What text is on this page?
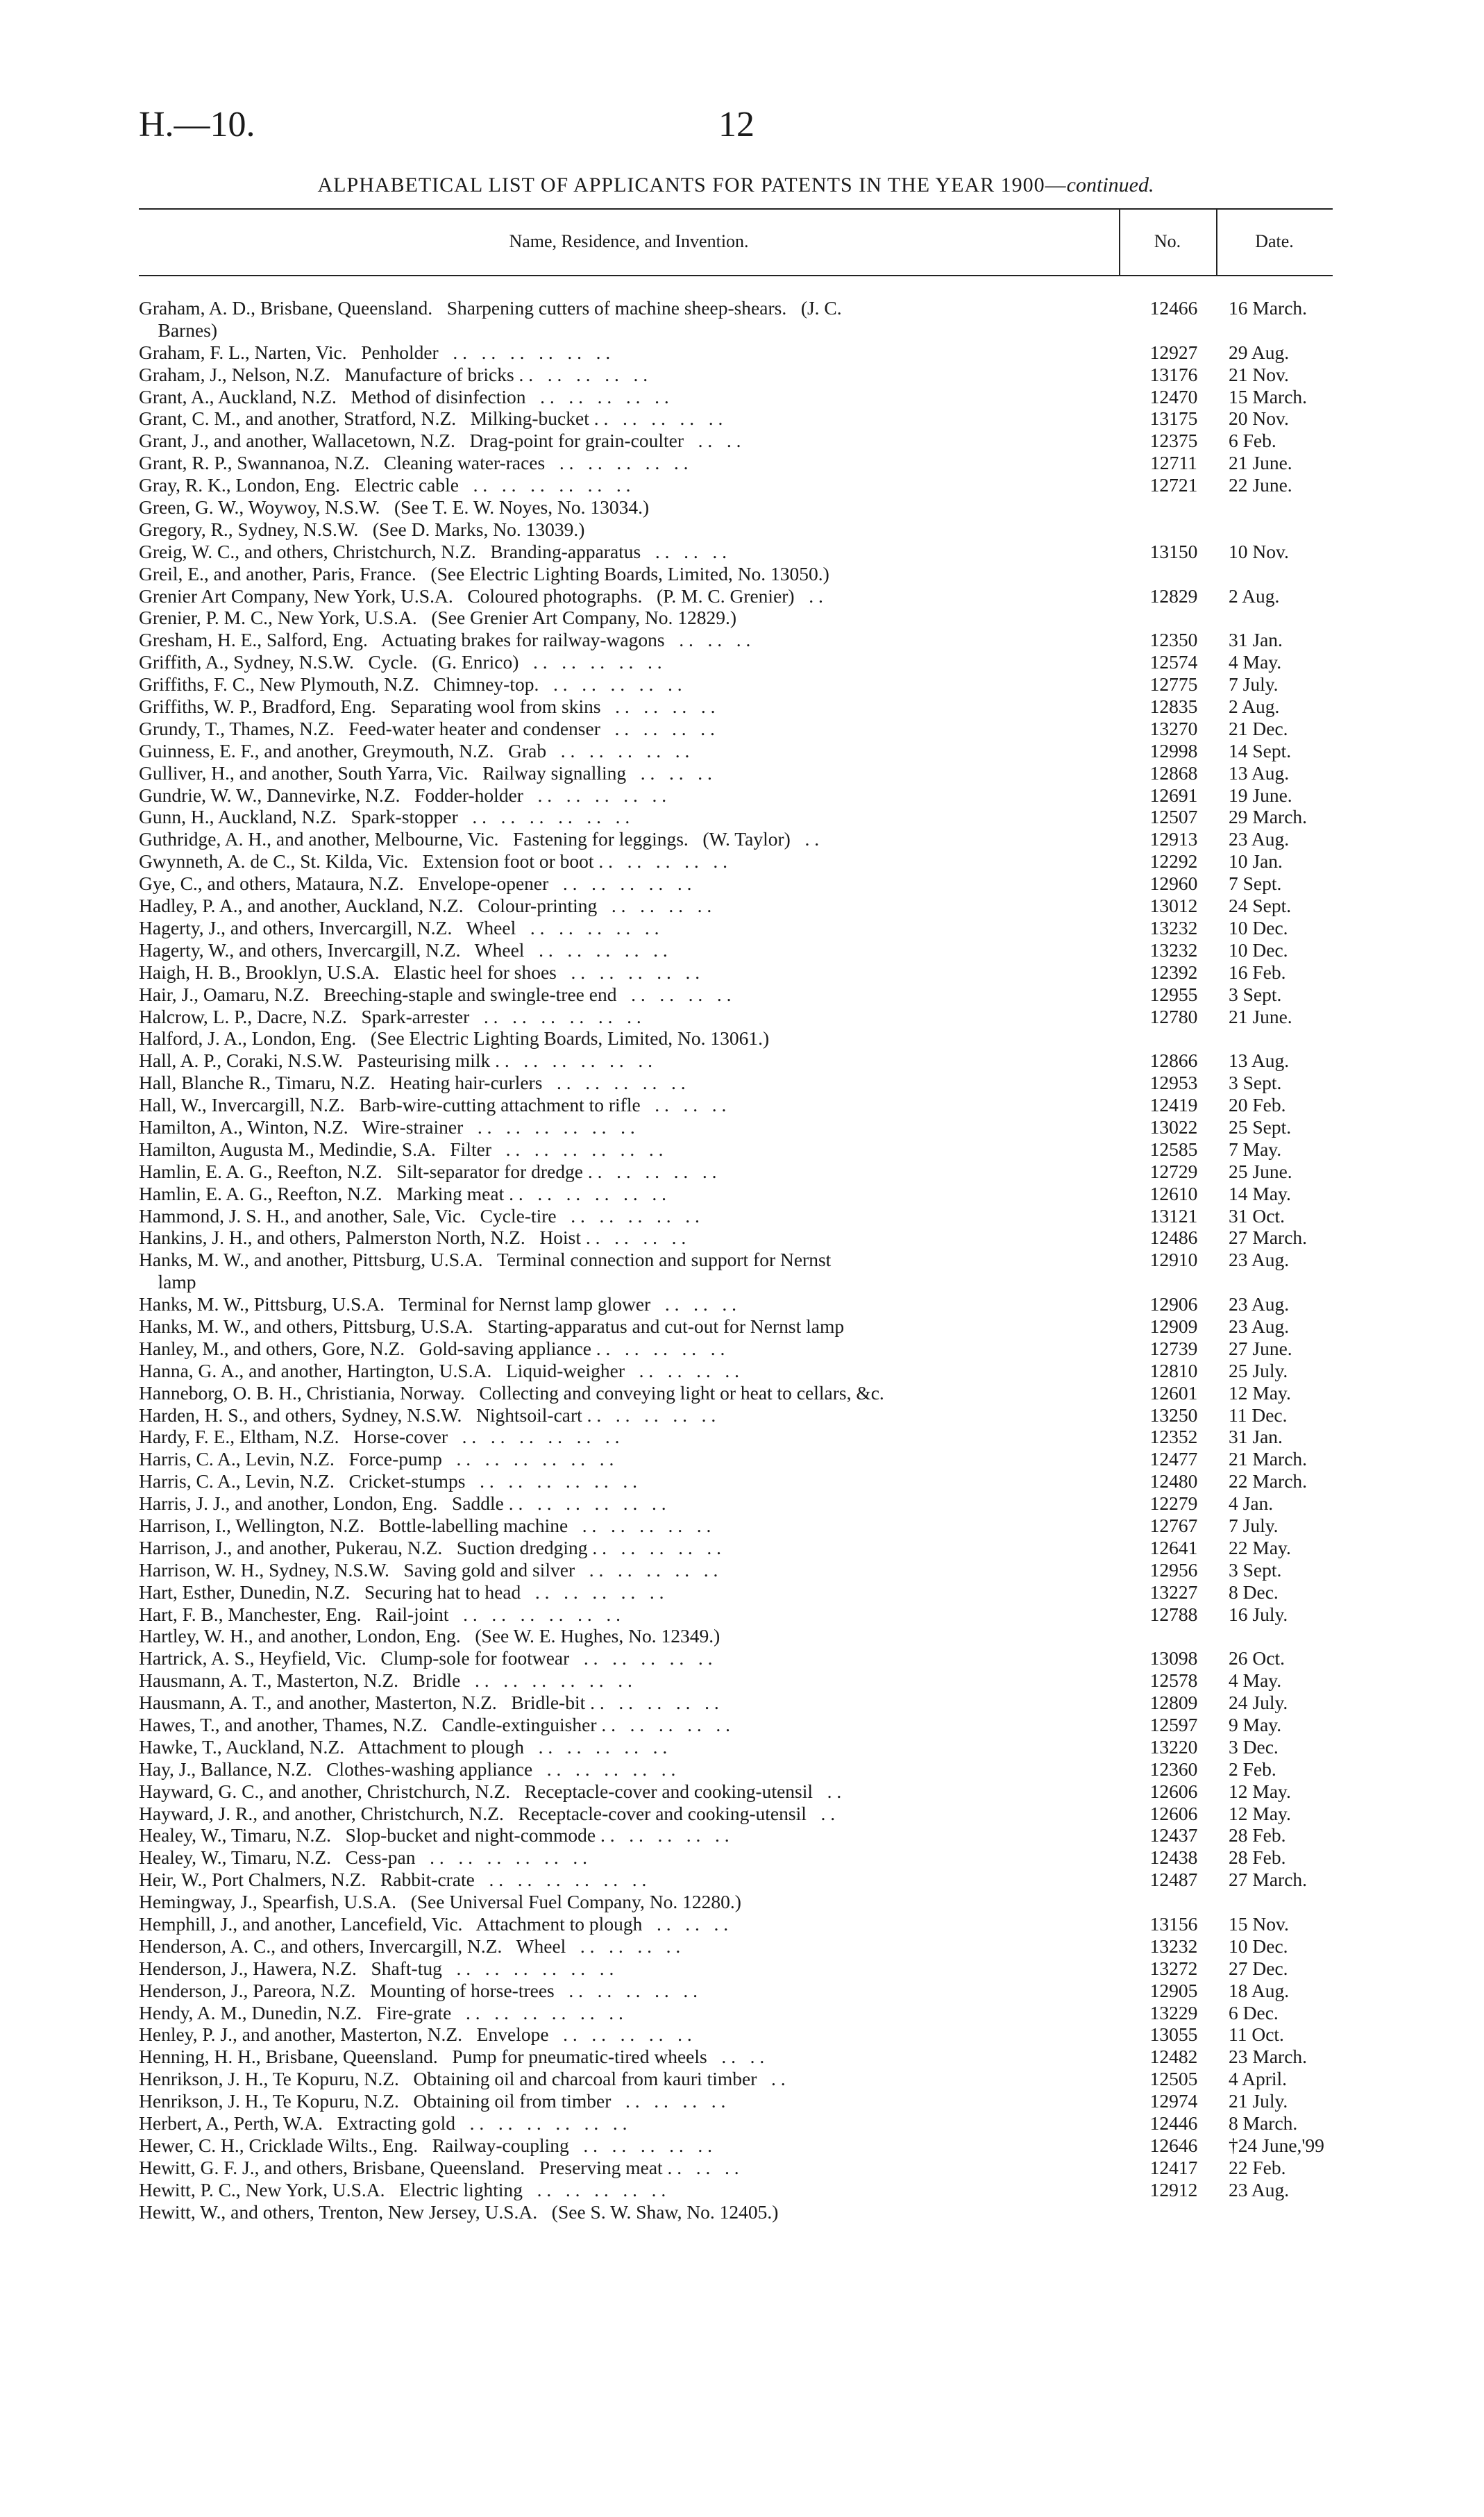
H.—10.	12
ALPHABETICAL LIST OF APPLICANTS FOR PATENTS IN THE YEAR 1900—continued.
Name, Residence, and Invention.	No.	Date.
Graham, A. D., Brisbane, Queensland.   Sharpening cutters of machine sheep-shears.   (J. C.	12466	16 March.
Barnes)
Graham, F. L., Narten, Vic.   Penholder   . .   . .   . .   . .   . .   . .	12927	29 Aug.
Graham, J., Nelson, N.Z.   Manufacture of bricks . .   . .   . .   . .   . .	13176	21 Nov.
Grant, A., Auckland, N.Z.   Method of disinfection   . .   . .   . .   . .   . .	12470	15 March.
Grant, C. M., and another, Stratford, N.Z.   Milking-bucket . .   . .   . .   . .   . .	13175	20 Nov.
Grant, J., and another, Wallacetown, N.Z.   Drag-point for grain-coulter   . .   . .	12375	6 Feb.
Grant, R. P., Swannanoa, N.Z.   Cleaning water-races   . .   . .   . .   . .   . .	12711	21 June.
Gray, R. K., London, Eng.   Electric cable   . .   . .   . .   . .   . .   . .	12721	22 June.
Green, G. W., Woywoy, N.S.W.   (See T. E. W. Noyes, No. 13034.)
Gregory, R., Sydney, N.S.W.   (See D. Marks, No. 13039.)
Greig, W. C., and others, Christchurch, N.Z.   Branding-apparatus   . .   . .   . .	13150	10 Nov.
Greil, E., and another, Paris, France.   (See Electric Lighting Boards, Limited, No. 13050.)
Grenier Art Company, New York, U.S.A.   Coloured photographs.   (P. M. C. Grenier)   . .	12829	2 Aug.
Grenier, P. M. C., New York, U.S.A.   (See Grenier Art Company, No. 12829.)
Gresham, H. E., Salford, Eng.   Actuating brakes for railway-wagons   . .   . .   . .	12350	31 Jan.
Griffith, A., Sydney, N.S.W.   Cycle.   (G. Enrico)   . .   . .   . .   . .   . .	12574	4 May.
Griffiths, F. C., New Plymouth, N.Z.   Chimney-top.   . .   . .   . .   . .   . .	12775	7 July.
Griffiths, W. P., Bradford, Eng.   Separating wool from skins   . .   . .   . .   . .	12835	2 Aug.
Grundy, T., Thames, N.Z.   Feed-water heater and condenser   . .   . .   . .   . .	13270	21 Dec.
Guinness, E. F., and another, Greymouth, N.Z.   Grab   . .   . .   . .   . .   . .	12998	14 Sept.
Gulliver, H., and another, South Yarra, Vic.   Railway signalling   . .   . .   . .	12868	13 Aug.
Gundrie, W. W., Dannevirke, N.Z.   Fodder-holder   . .   . .   . .   . .   . .	12691	19 June.
Gunn, H., Auckland, N.Z.   Spark-stopper   . .   . .   . .   . .   . .   . .	12507	29 March.
Guthridge, A. H., and another, Melbourne, Vic.   Fastening for leggings.   (W. Taylor)   . .	12913	23 Aug.
Gwynneth, A. de C., St. Kilda, Vic.   Extension foot or boot . .   . .   . .   . .   . .	12292	10 Jan.
Gye, C., and others, Mataura, N.Z.   Envelope-opener   . .   . .   . .   . .   . .	12960	7 Sept.
Hadley, P. A., and another, Auckland, N.Z.   Colour-printing   . .   . .   . .   . .	13012	24 Sept.
Hagerty, J., and others, Invercargill, N.Z.   Wheel   . .   . .   . .   . .   . .	13232	10 Dec.
Hagerty, W., and others, Invercargill, N.Z.   Wheel   . .   . .   . .   . .   . .	13232	10 Dec.
Haigh, H. B., Brooklyn, U.S.A.   Elastic heel for shoes   . .   . .   . .   . .   . .	12392	16 Feb.
Hair, J., Oamaru, N.Z.   Breeching-staple and swingle-tree end   . .   . .   . .   . .	12955	3 Sept.
Halcrow, L. P., Dacre, N.Z.   Spark-arrester   . .   . .   . .   . .   . .   . .	12780	21 June.
Halford, J. A., London, Eng.   (See Electric Lighting Boards, Limited, No. 13061.)
Hall, A. P., Coraki, N.S.W.   Pasteurising milk . .   . .   . .   . .   . .   . .	12866	13 Aug.
Hall, Blanche R., Timaru, N.Z.   Heating hair-curlers   . .   . .   . .   . .   . .	12953	3 Sept.
Hall, W., Invercargill, N.Z.   Barb-wire-cutting attachment to rifle   . .   . .   . .	12419	20 Feb.
Hamilton, A., Winton, N.Z.   Wire-strainer   . .   . .   . .   . .   . .   . .	13022	25 Sept.
Hamilton, Augusta M., Medindie, S.A.   Filter   . .   . .   . .   . .   . .   . .	12585	7 May.
Hamlin, E. A. G., Reefton, N.Z.   Silt-separator for dredge . .   . .   . .   . .   . .	12729	25 June.
Hamlin, E. A. G., Reefton, N.Z.   Marking meat . .   . .   . .   . .   . .   . .	12610	14 May.
Hammond, J. S. H., and another, Sale, Vic.   Cycle-tire   . .   . .   . .   . .   . .	13121	31 Oct.
Hankins, J. H., and others, Palmerston North, N.Z.   Hoist . .   . .   . .   . .	12486	27 March.
Hanks, M. W., and another, Pittsburg, U.S.A.   Terminal connection and support for Nernst	12910	23 Aug.
lamp
Hanks, M. W., Pittsburg, U.S.A.   Terminal for Nernst lamp glower   . .   . .   . .	12906	23 Aug.
Hanks, M. W., and others, Pittsburg, U.S.A.   Starting-apparatus and cut-out for Nernst lamp	12909	23 Aug.
Hanley, M., and others, Gore, N.Z.   Gold-saving appliance . .   . .   . .   . .   . .	12739	27 June.
Hanna, G. A., and another, Hartington, U.S.A.   Liquid-weigher   . .   . .   . .   . .	12810	25 July.
Hanneborg, O. B. H., Christiania, Norway.   Collecting and conveying light or heat to cellars, &c.	12601	12 May.
Harden, H. S., and others, Sydney, N.S.W.   Nightsoil-cart . .   . .   . .   . .   . .	13250	11 Dec.
Hardy, F. E., Eltham, N.Z.   Horse-cover   . .   . .   . .   . .   . .   . .	12352	31 Jan.
Harris, C. A., Levin, N.Z.   Force-pump   . .   . .   . .   . .   . .   . .	12477	21 March.
Harris, C. A., Levin, N.Z.   Cricket-stumps   . .   . .   . .   . .   . .   . .	12480	22 March.
Harris, J. J., and another, London, Eng.   Saddle . .   . .   . .   . .   . .   . .	12279	4 Jan.
Harrison, I., Wellington, N.Z.   Bottle-labelling machine   . .   . .   . .   . .   . .	12767	7 July.
Harrison, J., and another, Pukerau, N.Z.   Suction dredging . .   . .   . .   . .   . .	12641	22 May.
Harrison, W. H., Sydney, N.S.W.   Saving gold and silver   . .   . .   . .   . .   . .	12956	3 Sept.
Hart, Esther, Dunedin, N.Z.   Securing hat to head   . .   . .   . .   . .   . .	13227	8 Dec.
Hart, F. B., Manchester, Eng.   Rail-joint   . .   . .   . .   . .   . .   . .	12788	16 July.
Hartley, W. H., and another, London, Eng.   (See W. E. Hughes, No. 12349.)
Hartrick, A. S., Heyfield, Vic.   Clump-sole for footwear   . .   . .   . .   . .   . .	13098	26 Oct.
Hausmann, A. T., Masterton, N.Z.   Bridle   . .   . .   . .   . .   . .   . .	12578	4 May.
Hausmann, A. T., and another, Masterton, N.Z.   Bridle-bit . .   . .   . .   . .   . .	12809	24 July.
Hawes, T., and another, Thames, N.Z.   Candle-extinguisher . .   . .   . .   . .   . .	12597	9 May.
Hawke, T., Auckland, N.Z.   Attachment to plough   . .   . .   . .   . .   . .	13220	3 Dec.
Hay, J., Ballance, N.Z.   Clothes-washing appliance   . .   . .   . .   . .   . .	12360	2 Feb.
Hayward, G. C., and another, Christchurch, N.Z.   Receptacle-cover and cooking-utensil   . .	12606	12 May.
Hayward, J. R., and another, Christchurch, N.Z.   Receptacle-cover and cooking-utensil   . .	12606	12 May.
Healey, W., Timaru, N.Z.   Slop-bucket and night-commode . .   . .   . .   . .   . .	12437	28 Feb.
Healey, W., Timaru, N.Z.   Cess-pan   . .   . .   . .   . .   . .   . .	12438	28 Feb.
Heir, W., Port Chalmers, N.Z.   Rabbit-crate   . .   . .   . .   . .   . .   . .	12487	27 March.
Hemingway, J., Spearfish, U.S.A.   (See Universal Fuel Company, No. 12280.)
Hemphill, J., and another, Lancefield, Vic.   Attachment to plough   . .   . .   . .	13156	15 Nov.
Henderson, A. C., and others, Invercargill, N.Z.   Wheel   . .   . .   . .   . .	13232	10 Dec.
Henderson, J., Hawera, N.Z.   Shaft-tug   . .   . .   . .   . .   . .   . .	13272	27 Dec.
Henderson, J., Pareora, N.Z.   Mounting of horse-trees   . .   . .   . .   . .   . .	12905	18 Aug.
Hendy, A. M., Dunedin, N.Z.   Fire-grate   . .   . .   . .   . .   . .   . .	13229	6 Dec.
Henley, P. J., and another, Masterton, N.Z.   Envelope   . .   . .   . .   . .   . .	13055	11 Oct.
Henning, H. H., Brisbane, Queensland.   Pump for pneumatic-tired wheels   . .   . .	12482	23 March.
Henrikson, J. H., Te Kopuru, N.Z.   Obtaining oil and charcoal from kauri timber   . .	12505	4 April.
Henrikson, J. H., Te Kopuru, N.Z.   Obtaining oil from timber   . .   . .   . .   . .	12974	21 July.
Herbert, A., Perth, W.A.   Extracting gold   . .   . .   . .   . .   . .   . .	12446	8 March.
Hewer, C. H., Cricklade Wilts., Eng.   Railway-coupling   . .   . .   . .   . .   . .	12646	†24 June,'99
Hewitt, G. F. J., and others, Brisbane, Queensland.   Preserving meat . .   . .   . .	12417	22 Feb.
Hewitt, P. C., New York, U.S.A.   Electric lighting   . .   . .   . .   . .   . .	12912	23 Aug.
Hewitt, W., and others, Trenton, New Jersey, U.S.A.   (See S. W. Shaw, No. 12405.)
